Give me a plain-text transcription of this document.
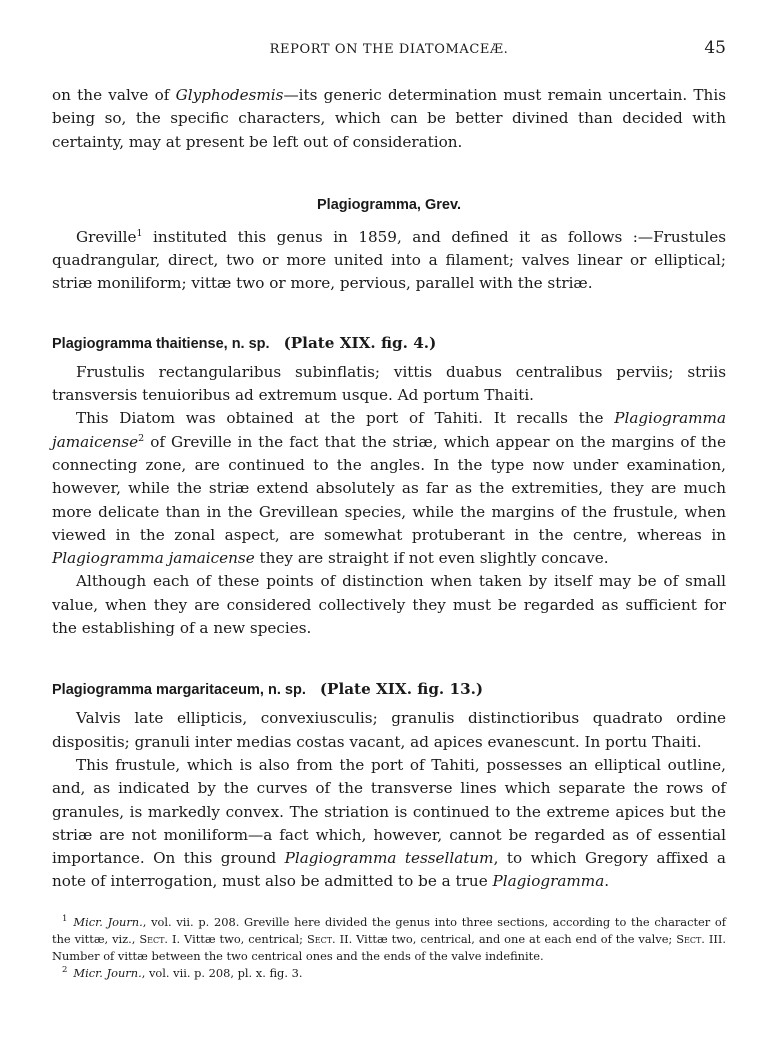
REPORT ON THE DIATOMACEÆ.	45

on the valve of Glyphodesmis—its generic determination must remain uncertain. This being so, the specific characters, which can be better divined than decided with certainty, may at present be left out of consideration.

Plagiogramma, Grev.

Greville$^1$ instituted this genus in 1859, and defined it as follows :—Frustules quadrangular, direct, two or more united into a filament; valves linear or elliptical; striæ moniliform; vittæ two or more, pervious, parallel with the striæ.

Plagiogramma thaitiense, n. sp. (Plate XIX. fig. 4.)

Frustulis rectangularibus subinflatis; vittis duabus centralibus perviis; striis transversis tenuioribus ad extremum usque. Ad portum Thaiti.

This Diatom was obtained at the port of Tahiti. It recalls the Plagiogramma jamaicense$^2$ of Greville in the fact that the striæ, which appear on the margins of the connecting zone, are continued to the angles. In the type now under examination, however, while the striæ extend absolutely as far as the extremities, they are much more delicate than in the Grevillean species, while the margins of the frustule, when viewed in the zonal aspect, are somewhat protuberant in the centre, whereas in Plagiogramma jamaicense they are straight if not even slightly concave.

Although each of these points of distinction when taken by itself may be of small value, when they are considered collectively they must be regarded as sufficient for the establishing of a new species.

Plagiogramma margaritaceum, n. sp. (Plate XIX. fig. 13.)

Valvis late ellipticis, convexiusculis; granulis distinctioribus quadrato ordine dispositis; granuli inter medias costas vacant, ad apices evanescunt. In portu Thaiti.

This frustule, which is also from the port of Tahiti, possesses an elliptical outline, and, as indicated by the curves of the transverse lines which separate the rows of granules, is markedly convex. The striation is continued to the extreme apices but the striæ are not moniliform—a fact which, however, cannot be regarded as of essential importance. On this ground Plagiogramma tessellatum, to which Gregory affixed a note of interrogation, must also be admitted to be a true Plagiogramma.

$^1$ Micr. Journ., vol. vii. p. 208. Greville here divided the genus into three sections, according to the character of the vittæ, viz., Sect. I. Vittæ two, centrical; Sect. II. Vittæ two, centrical, and one at each end of the valve; Sect. III. Number of vittæ between the two centrical ones and the ends of the valve indefinite.

$^2$ Micr. Journ., vol. vii. p. 208, pl. x. fig. 3.
